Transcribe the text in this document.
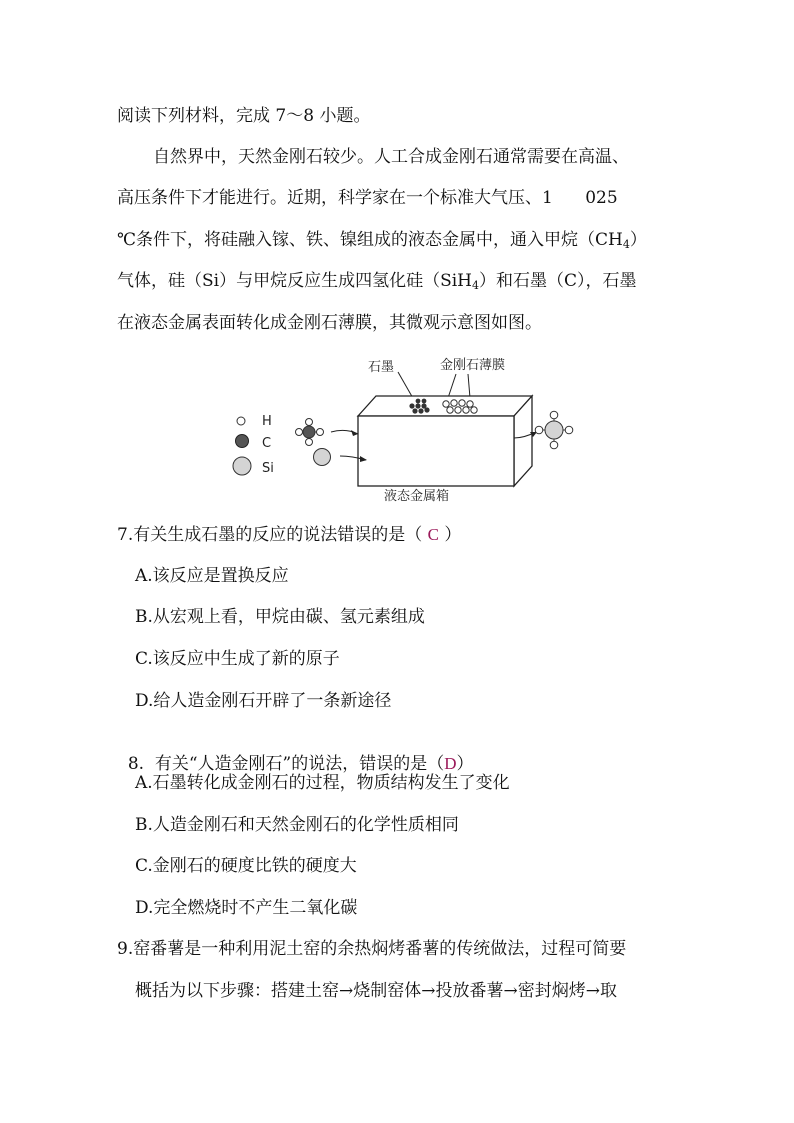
阅读下列材料，完成 7～8 小题。
自然界中，天然金刚石较少。人工合成金刚石通常需要在高温、
高压条件下才能进行。近期，科学家在一个标准大气压、1      025
℃条件下，将硅融入镓、铁、镍组成的液态金属中，通入甲烷$(CH_4)$
气体，硅（Si）与甲烷反应生成四氢化硅（SiH$_4$）和石墨（C），石墨
在液态金属表面转化成金刚石薄膜，其微观示意图如图。
石墨	金刚石薄膜
H
C
Si
液态金属箱
7.有关生成石墨的反应的说法错误的是（ C ）
A.该反应是置换反应
B.从宏观上看，甲烷由碳、氢元素组成
C.该反应中生成了新的原子
D.给人造金刚石开辟了一条新途径

8.  有关“人造金刚石”的说法，错误的是（D）

A.石墨转化成金刚石的过程，物质结构发生了变化
B.人造金刚石和天然金刚石的化学性质相同
C.金刚石的硬度比铁的硬度大
D.完全燃烧时不产生二氧化碳
9.窑番薯是一种利用泥土窑的余热焖烤番薯的传统做法，过程可简要
概括为以下步骤：搭建土窑→烧制窑体→投放番薯→密封焖烤→取
